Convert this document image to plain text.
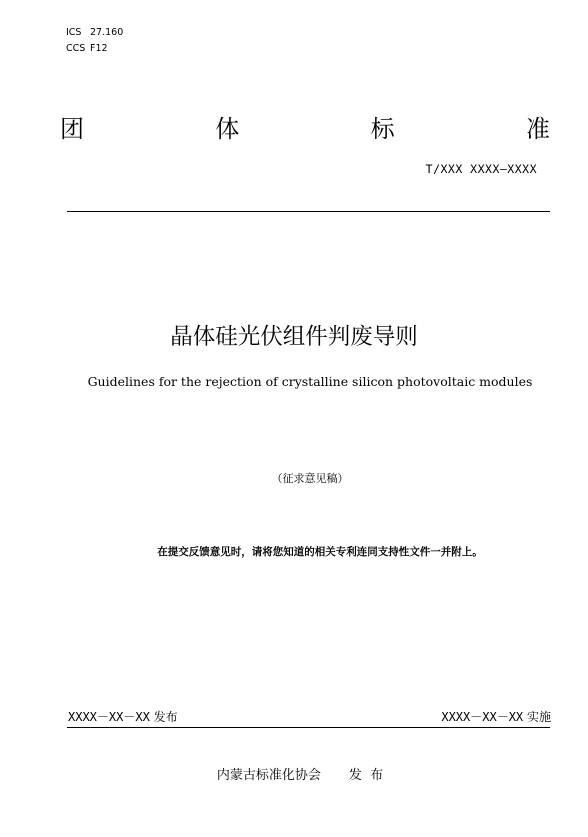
ICS 27.160
CCS F12
团	体	标	准
T/XXX XXXX—XXXX
晶体硅光伏组件判废导则
Guidelines for the rejection of crystalline silicon photovoltaic modules
（征求意见稿）
在提交反馈意见时，请将您知道的相关专利连同支持性文件一并附上。
XXXX－XX－XX 发布	XXXX－XX－XX 实施
内蒙古标准化协会 发  布
